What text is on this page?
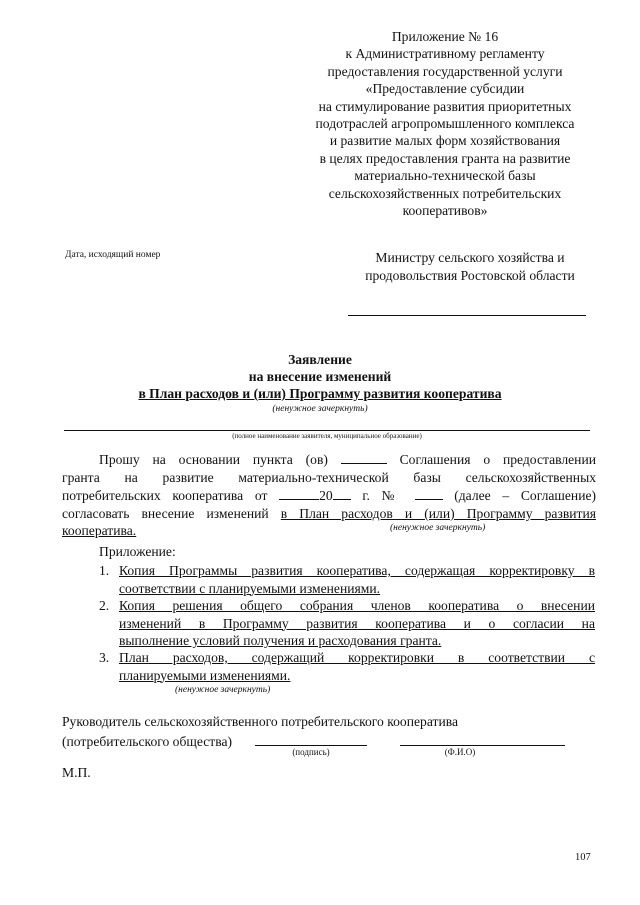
Приложение № 16
к Административному регламенту
предоставления государственной услуги
«Предоставление субсидии
на стимулирование развития приоритетных
подотраслей агропромышленного комплекса
и развитие малых форм хозяйствования
в целях предоставления гранта на развитие
материально-технической базы
сельскохозяйственных потребительских
кооперативов»
Дата, исходящий номер	Министру сельского хозяйства и
продовольствия Ростовской области
Заявление
на внесение изменений
в План расходов и (или) Программу развития кооператива
(ненужное зачеркнуть)
(полное наименование заявителя, муниципальное образование)
Прошу на основании пункта (ов)	Соглашения о предоставлении
гранта на развитие материально-технической базы сельскохозяйственных
потребительских кооператива от	20 г. №	(далее – Соглашение)
согласовать внесение изменений в План расходов и (или) Программу развития
кооператива.	(ненужное зачеркнуть)
Приложение:
1. Копия Программы развития кооператива, содержащая корректировку в
соответствии с планируемыми изменениями.
2. Копия решения общего собрания членов кооператива о внесении
изменений в Программу развития кооператива и о согласии на
выполнение условий получения и расходования гранта.
3. План расходов, содержащий корректировки в соответствии с
планируемыми изменениями.
(ненужное зачеркнуть)
Руководитель сельскохозяйственного потребительского кооператива
(потребительского общества)
(подпись)	(Ф.И.О)
М.П.
107
